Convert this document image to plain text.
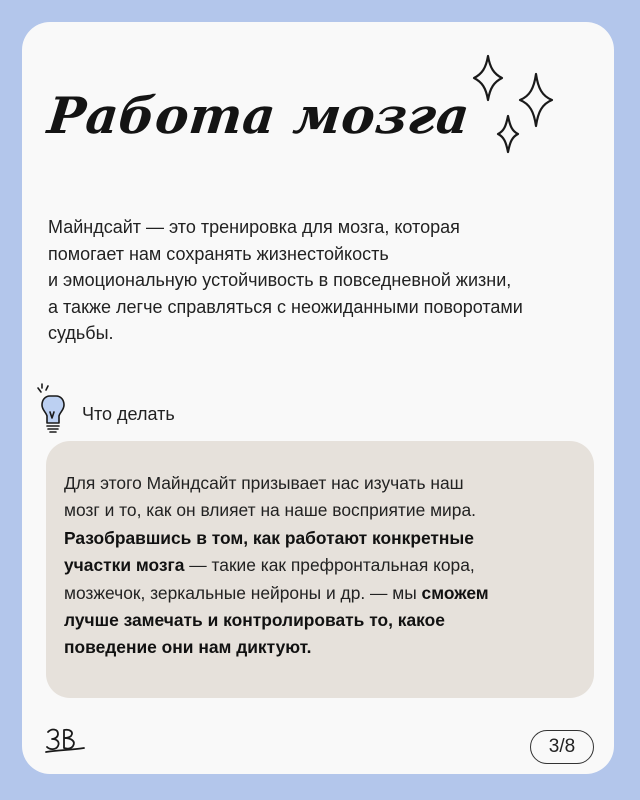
Работа мозга

Майндсайт — это тренировка для мозга, которая
помогает нам сохранять жизнестойкость
и эмоциональную устойчивость в повседневной жизни,
а также легче справляться с неожиданными поворотами
судьбы.

Что делать

Для этого Майндсайт призывает нас изучать наш
мозг и то, как он влияет на наше восприятие мира.
Разобравшись в том, как работают конкретные
участки мозга — такие как префронтальная кора,
мозжечок, зеркальные нейроны и др. — мы сможем
лучше замечать и контролировать то, какое
поведение они нам диктуют.

3/8
